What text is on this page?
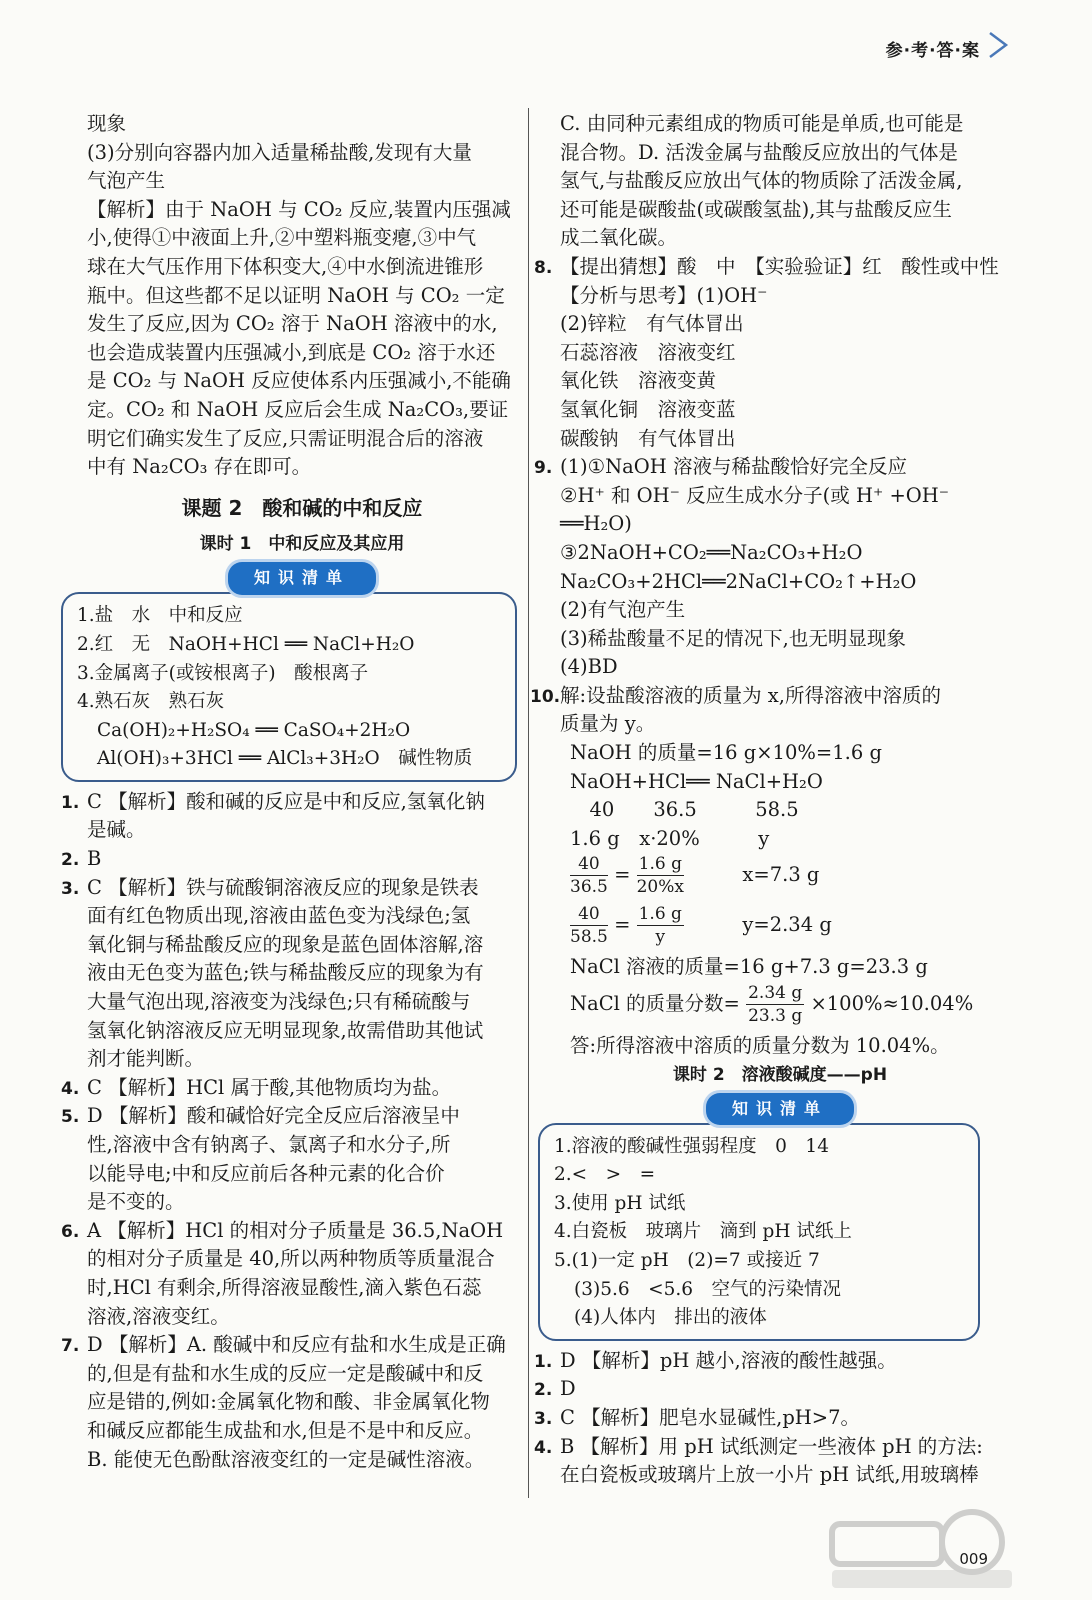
参·考·答·案
现象
(3)分别向容器内加入适量稀盐酸,发现有大量
气泡产生
【解析】由于 NaOH 与 CO₂ 反应,装置内压强减
小,使得①中液面上升,②中塑料瓶变瘪,③中气
球在大气压作用下体积变大,④中水倒流进锥形
瓶中。但这些都不足以证明 NaOH 与 CO₂ 一定
发生了反应,因为 CO₂ 溶于 NaOH 溶液中的水,
也会造成装置内压强减小,到底是 CO₂ 溶于水还
是 CO₂ 与 NaOH 反应使体系内压强减小,不能确
定。CO₂ 和 NaOH 反应后会生成 Na₂CO₃,要证
明它们确实发生了反应,只需证明混合后的溶液
中有 Na₂CO₃ 存在即可。
课题 2　酸和碱的中和反应
课时 1　中和反应及其应用
知识清单
1.盐　水　中和反应
2.红　无　NaOH+HCl ══ NaCl+H₂O
3.金属离子(或铵根离子)　酸根离子
4.熟石灰　熟石灰
Ca(OH)₂+H₂SO₄ ══ CaSO₄+2H₂O
Al(OH)₃+3HCl ══ AlCl₃+3H₂O　碱性物质
1. C 【解析】酸和碱的反应是中和反应,氢氧化钠
是碱。
2. B
3. C 【解析】铁与硫酸铜溶液反应的现象是铁表
面有红色物质出现,溶液由蓝色变为浅绿色;氢
氧化铜与稀盐酸反应的现象是蓝色固体溶解,溶
液由无色变为蓝色;铁与稀盐酸反应的现象为有
大量气泡出现,溶液变为浅绿色;只有稀硫酸与
氢氧化钠溶液反应无明显现象,故需借助其他试
剂才能判断。
4. C 【解析】HCl 属于酸,其他物质均为盐。
5. D 【解析】酸和碱恰好完全反应后溶液呈中
性,溶液中含有钠离子、氯离子和水分子,所
以能导电;中和反应前后各种元素的化合价
是不变的。
6. A 【解析】HCl 的相对分子质量是 36.5,NaOH
的相对分子质量是 40,所以两种物质等质量混合
时,HCl 有剩余,所得溶液显酸性,滴入紫色石蕊
溶液,溶液变红。
7. D 【解析】A. 酸碱中和反应有盐和水生成是正确
的,但是有盐和水生成的反应一定是酸碱中和反
应是错的,例如:金属氧化物和酸、非金属氧化物
和碱反应都能生成盐和水,但是不是中和反应。
B. 能使无色酚酞溶液变红的一定是碱性溶液。
C. 由同种元素组成的物质可能是单质,也可能是
混合物。D. 活泼金属与盐酸反应放出的气体是
氢气,与盐酸反应放出气体的物质除了活泼金属,
还可能是碳酸盐(或碳酸氢盐),其与盐酸反应生
成二氧化碳。
8. 【提出猜想】酸　中　【实验验证】红　酸性或中性
【分析与思考】(1)OH⁻
(2)锌粒　有气体冒出
石蕊溶液　溶液变红
氧化铁　溶液变黄
氢氧化铜　溶液变蓝
碳酸钠　有气体冒出
9. (1)①NaOH 溶液与稀盐酸恰好完全反应
②H⁺ 和 OH⁻ 反应生成水分子(或 H⁺ +OH⁻
══H₂O)
③2NaOH+CO₂══Na₂CO₃+H₂O
Na₂CO₃+2HCl══2NaCl+CO₂↑+H₂O
(2)有气泡产生
(3)稀盐酸量不足的情况下,也无明显现象
(4)BD
10.解:设盐酸溶液的质量为 x,所得溶液中溶质的
质量为 y。
NaOH 的质量=16 g×10%=1.6 g
NaOH+HCl══ NaCl+H₂O
　40　　36.5　　　58.5
1.6 g　x·20%　　　y
$\frac{40}{36.5} = \frac{1.6 g}{20\%x}$	x=7.3 g
$\frac{40}{58.5} = \frac{1.6 g}{y}$	y=2.34 g
NaCl 溶液的质量=16 g+7.3 g=23.3 g
NaCl 的质量分数= $\frac{2.34 g}{23.3 g} \times 100\%\approx 10.04\%$
答:所得溶液中溶质的质量分数为 10.04%。
课时 2　溶液酸碱度——pH
知识清单
1.溶液的酸碱性强弱程度　0　14
2.<　>　=
3.使用 pH 试纸
4.白瓷板　玻璃片　滴到 pH 试纸上
5.(1)一定 pH　(2)=7 或接近 7
(3)5.6　<5.6　空气的污染情况
(4)人体内　排出的液体
1. D 【解析】pH 越小,溶液的酸性越强。
2. D
3. C 【解析】肥皂水显碱性,pH>7。
4. B 【解析】用 pH 试纸测定一些液体 pH 的方法:
在白瓷板或玻璃片上放一小片 pH 试纸,用玻璃棒
009
